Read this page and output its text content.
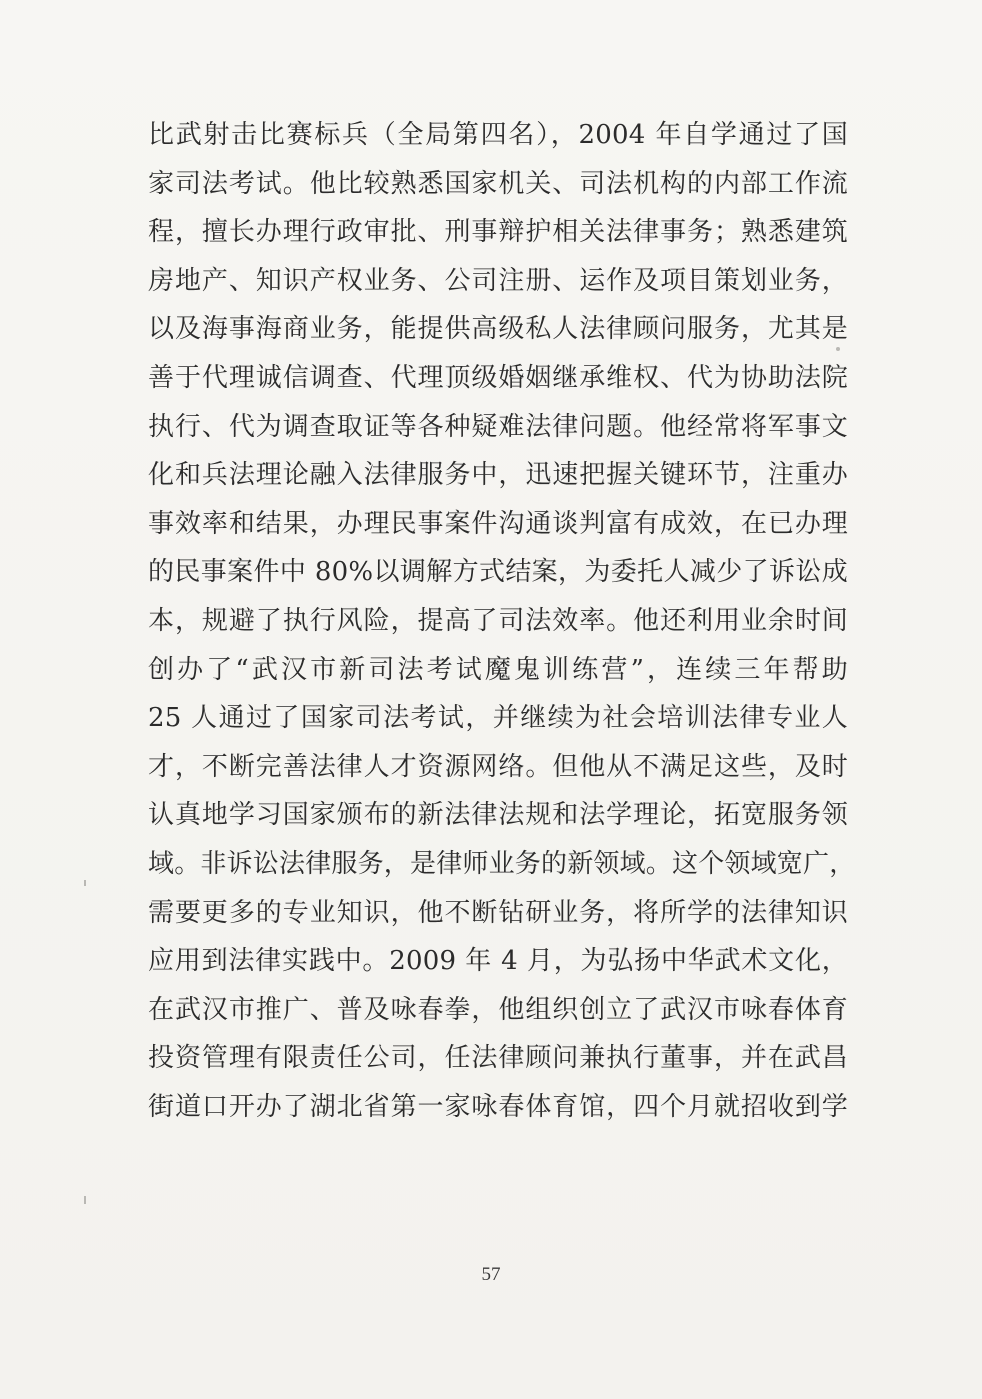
比武射击比赛标兵（全局第四名），2004 年自学通过了国
家司法考试。他比较熟悉国家机关、司法机构的内部工作流
程，擅长办理行政审批、刑事辩护相关法律事务；熟悉建筑
房地产、知识产权业务、公司注册、运作及项目策划业务，
以及海事海商业务，能提供高级私人法律顾问服务，尤其是
善于代理诚信调查、代理顶级婚姻继承维权、代为协助法院
执行、代为调查取证等各种疑难法律问题。他经常将军事文
化和兵法理论融入法律服务中，迅速把握关键环节，注重办
事效率和结果，办理民事案件沟通谈判富有成效，在已办理
的民事案件中 80%以调解方式结案，为委托人减少了诉讼成
本，规避了执行风险，提高了司法效率。他还利用业余时间
创办了“武汉市新司法考试魔鬼训练营”，连续三年帮助
25 人通过了国家司法考试，并继续为社会培训法律专业人
才，不断完善法律人才资源网络。但他从不满足这些，及时
认真地学习国家颁布的新法律法规和法学理论，拓宽服务领
域。非诉讼法律服务，是律师业务的新领域。这个领域宽广，
需要更多的专业知识，他不断钻研业务，将所学的法律知识
应用到法律实践中。2009 年 4 月，为弘扬中华武术文化，
在武汉市推广、普及咏春拳，他组织创立了武汉市咏春体育
投资管理有限责任公司，任法律顾问兼执行董事，并在武昌
街道口开办了湖北省第一家咏春体育馆，四个月就招收到学
57
